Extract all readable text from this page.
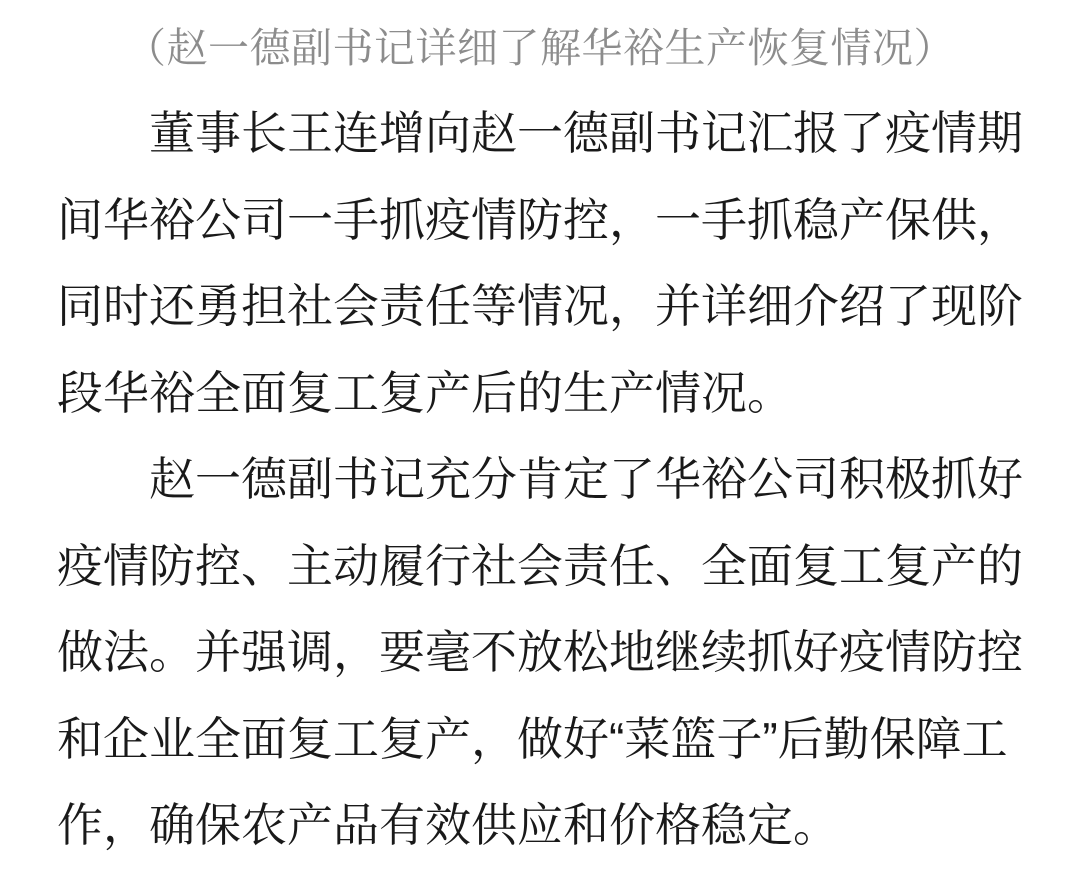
（赵一德副书记详细了解华裕生产恢复情况）

　　董事长王连增向赵一德副书记汇报了疫情期
间华裕公司一手抓疫情防控，一手抓稳产保供，
同时还勇担社会责任等情况，并详细介绍了现阶
段华裕全面复工复产后的生产情况。

　　赵一德副书记充分肯定了华裕公司积极抓好
疫情防控、主动履行社会责任、全面复工复产的
做法。并强调，要毫不放松地继续抓好疫情防控
和企业全面复工复产，做好“菜篮子”后勤保障工
作，确保农产品有效供应和价格稳定。
